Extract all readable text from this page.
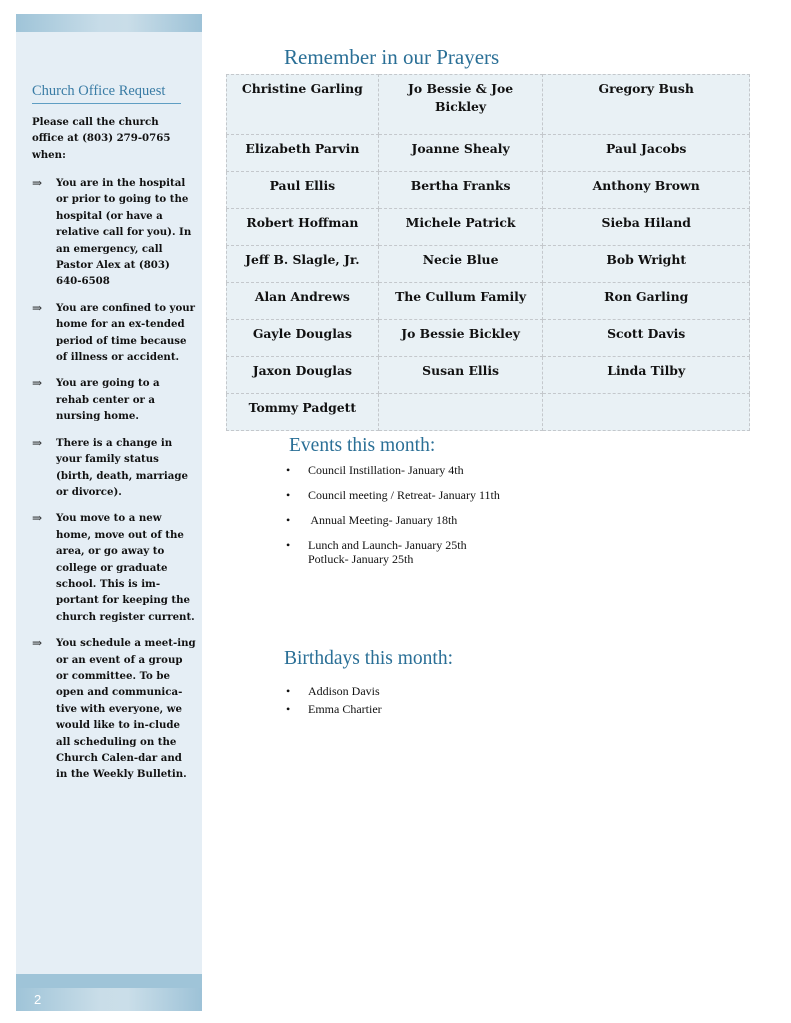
Church Office Request
Please call the church office at (803) 279-0765 when:
⇒ You are in the hospital or prior to going to the hospital (or have a relative call for you). In an emergency, call Pastor Alex at (803) 640-6508
⇒ You are confined to your home for an ex-tended period of time because of illness or accident.
⇒ You are going to a rehab center or a nursing home.
⇒ There is a change in your family status (birth, death, marriage or divorce).
⇒ You move to a new home, move out of the area, or go away to college or graduate school. This is im-portant for keeping the church register current.
⇒ You schedule a meet-ing or an event of a group or committee. To be open and communica-tive with everyone, we would like to in-clude all scheduling on the Church Calen-dar and in the Weekly Bulletin.
2
Remember in our Prayers
Christine Garling	Jo Bessie & Joe Bickley	Gregory Bush
Elizabeth Parvin	Joanne Shealy	Paul Jacobs
Paul Ellis	Bertha Franks	Anthony Brown
Robert Hoffman	Michele Patrick	Sieba Hiland
Jeff B. Slagle, Jr.	Necie Blue	Bob Wright
Alan Andrews	The Cullum Family	Ron Garling
Gayle Douglas	Jo Bessie Bickley	Scott Davis
Jaxon Douglas	Susan Ellis	Linda Tilby
Tommy Padgett		
Events this month:
• Council Instillation- January 4th
• Council meeting / Retreat- January 11th
• Annual Meeting- January 18th
• Lunch and Launch- January 25th
Potluck- January 25th
Birthdays this month:
• Addison Davis
• Emma Chartier
